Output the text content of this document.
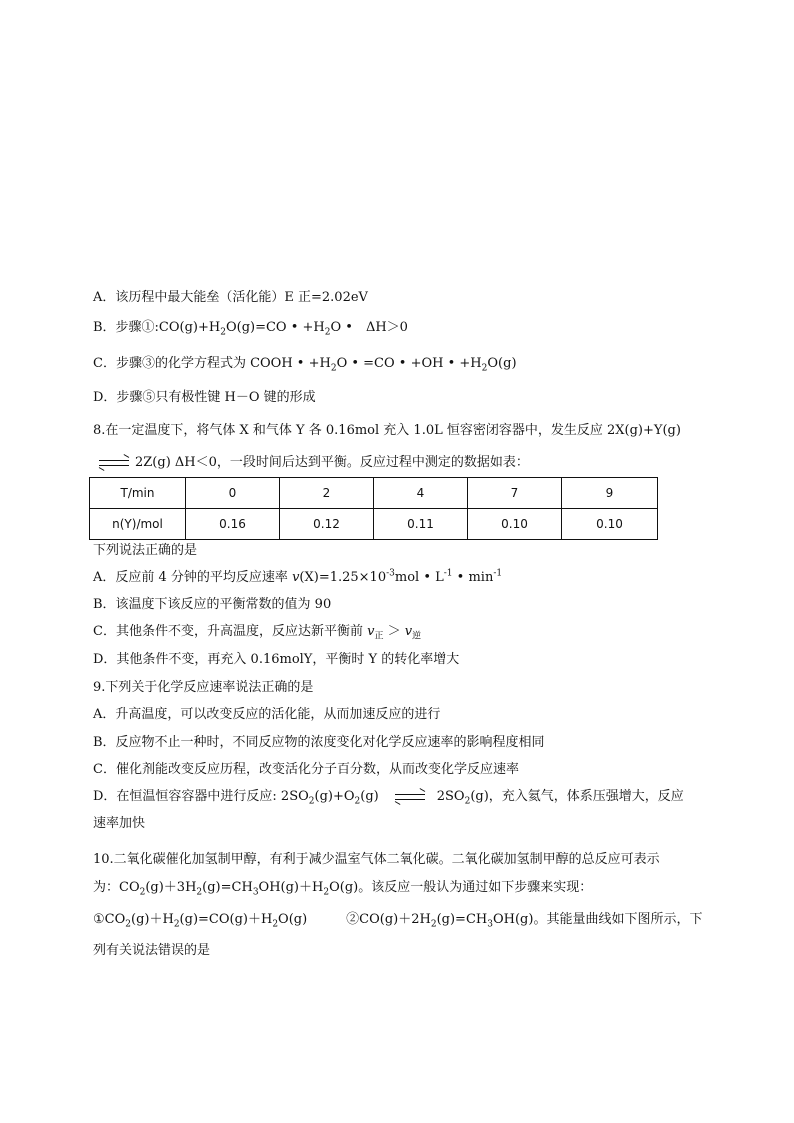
A．该历程中最大能垒（活化能）E 正=2.02eV
B．步骤$①:CO(g)+H_2O(g)=CO$ • $+H_2O$ •　ΔH＞0
C．步骤③的化学方程式为 COOH • $+H_2O$ • =CO • +OH • $+H_2O(g)$
D．步骤⑤只有极性键 H－O 键的形成
8.在一定温度下，将气体 X 和气体 Y 各 0.16mol 充入 1.0L 恒容密闭容器中，发生反应 2X(g)+Y(g)
2Z(g) ΔH＜0，一段时间后达到平衡。反应过程中测定的数据如表：
T/min	0	2	4	7	9
n(Y)/mol	0.16	0.12	0.11	0.10	0.10
下列说法正确的是
A．反应前 4 分钟的平均反应速率 $v(X)=1.25\times 10^{-3}mol$ • $L^{-1}$ • $\min^{-1}$
B．该温度下该反应的平衡常数的值为 90
C．其他条件不变，升高温度，反应达新平衡前 $v_正 > v_逆$
D．其他条件不变，再充入 0.16molY，平衡时 Y 的转化率增大
9.下列关于化学反应速率说法正确的是
A．升高温度，可以改变反应的活化能，从而加速反应的进行
B．反应物不止一种时，不同反应物的浓度变化对化学反应速率的影响程度相同
C．催化剂能改变反应历程，改变活化分子百分数，从而改变化学反应速率
D．在恒温恒容容器中进行反应: $2SO_2(g)+O_2(g)$	$2SO_2(g)$，充入氦气，体系压强增大，反应
速率加快
10.二氧化碳催化加氢制甲醇，有利于减少温室气体二氧化碳。二氧化碳加氢制甲醇的总反应可表示
为：$CO_2(g)+3H_2(g)=CH_3OH(g)+H_2O(g)$。该反应一般认为通过如下步骤来实现：
$①CO_2(g)+H_2(g)=CO(g)+H_2O(g)$　　　$②CO(g)+2H_2(g)=CH_3OH(g)$。其能量曲线如下图所示，下
列有关说法错误的是
